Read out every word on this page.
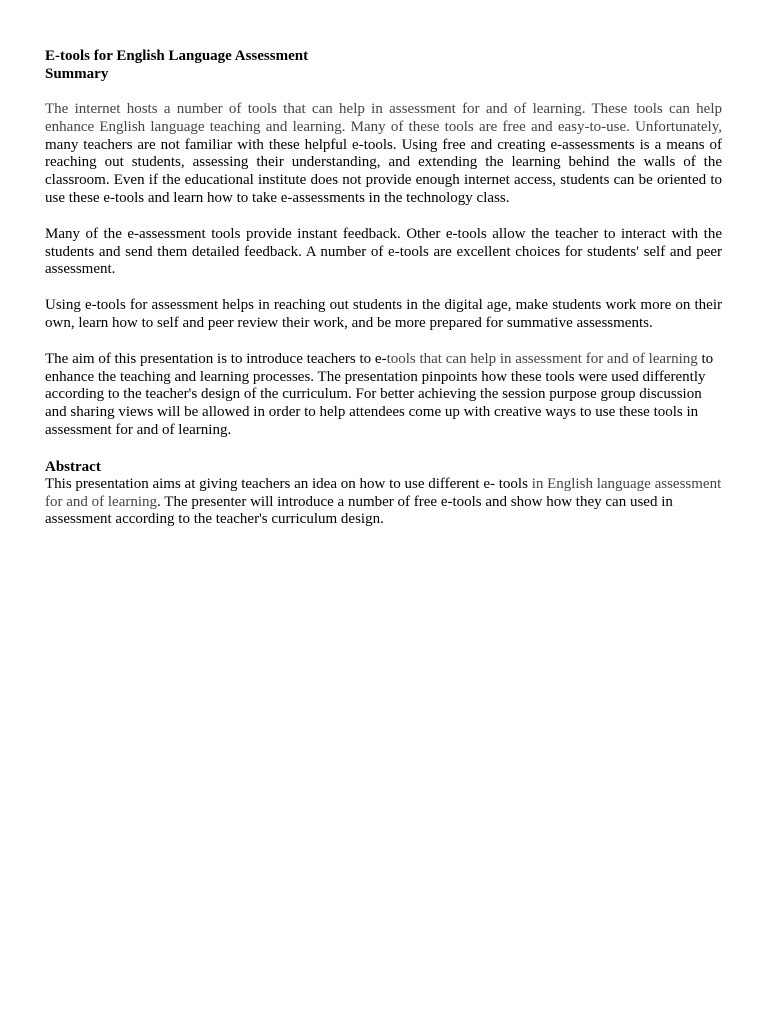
E-tools for English Language Assessment
Summary

The internet hosts a number of tools that can help in assessment for and of learning. These tools can help enhance English language teaching and learning. Many of these tools are free and easy-to-use. Unfortunately, many teachers are not familiar with these helpful e-tools. Using free and creating e-assessments is a means of reaching out students, assessing their understanding, and extending the learning behind the walls of the classroom. Even if the educational institute does not provide enough internet access, students can be oriented to use these e-tools and learn how to take e-assessments in the technology class.

Many of the e-assessment tools provide instant feedback. Other e-tools allow the teacher to interact with the students and send them detailed feedback. A number of e-tools are excellent choices for students' self and peer assessment.

Using e-tools for assessment helps in reaching out students in the digital age, make students work more on their own, learn how to self and peer review their work, and be more prepared for summative assessments.

The aim of this presentation is to introduce teachers to e-tools that can help in assessment for and of learning to enhance the teaching and learning processes. The presentation pinpoints how these tools were used differently according to the teacher's design of the curriculum. For better achieving the session purpose group discussion and sharing views will be allowed in order to help attendees come up with creative ways to use these tools in assessment for and of learning.

Abstract

This presentation aims at giving teachers an idea on how to use different e- tools in English language assessment for and of learning. The presenter will introduce a number of free e-tools and show how they can used in assessment according to the teacher's curriculum design.
